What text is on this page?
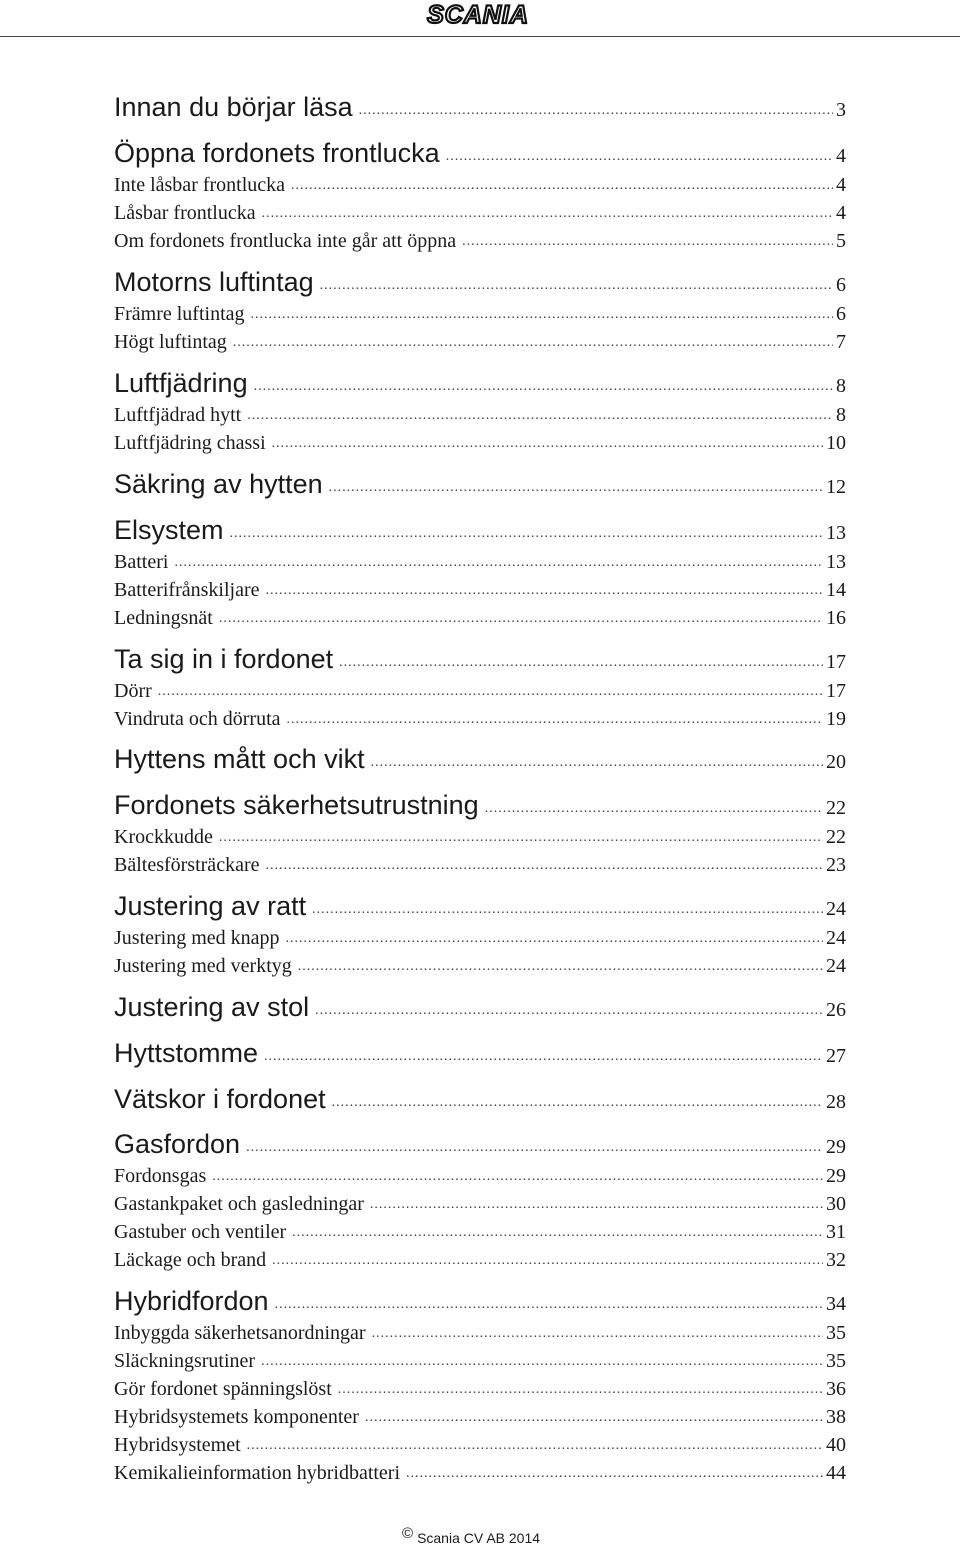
SCANIA
Innan du börjar läsa .....	3
Öppna fordonets frontlucka .....	4
Inte låsbar frontlucka .....	4
Låsbar frontlucka .....	4
Om fordonets frontlucka inte går att öppna .....	5
Motorns luftintag .....	6
Främre luftintag .....	6
Högt luftintag .....	7
Luftfjädring .....	8
Luftfjädrad hytt .....	8
Luftfjädring chassi .....	10
Säkring av hytten .....	12
Elsystem .....	13
Batteri .....	13
Batterifrånskiljare .....	14
Ledningsnät .....	16
Ta sig in i fordonet .....	17
Dörr .....	17
Vindruta och dörruta .....	19
Hyttens mått och vikt .....	20
Fordonets säkerhetsutrustning .....	22
Krockkudde .....	22
Bältesförsträckare .....	23
Justering av ratt .....	24
Justering med knapp .....	24
Justering med verktyg .....	24
Justering av stol .....	26
Hyttstomme .....	27
Vätskor i fordonet .....	28
Gasfordon .....	29
Fordonsgas .....	29
Gastankpaket och gasledningar .....	30
Gastuber och ventiler .....	31
Läckage och brand .....	32
Hybridfordon .....	34
Inbyggda säkerhetsanordningar .....	35
Släckningsrutiner .....	35
Gör fordonet spänningslöst .....	36
Hybridsystemets komponenter .....	38
Hybridsystemet .....	40
Kemikalieinformation hybridbatteri .....	44
© Scania CV AB 2014
